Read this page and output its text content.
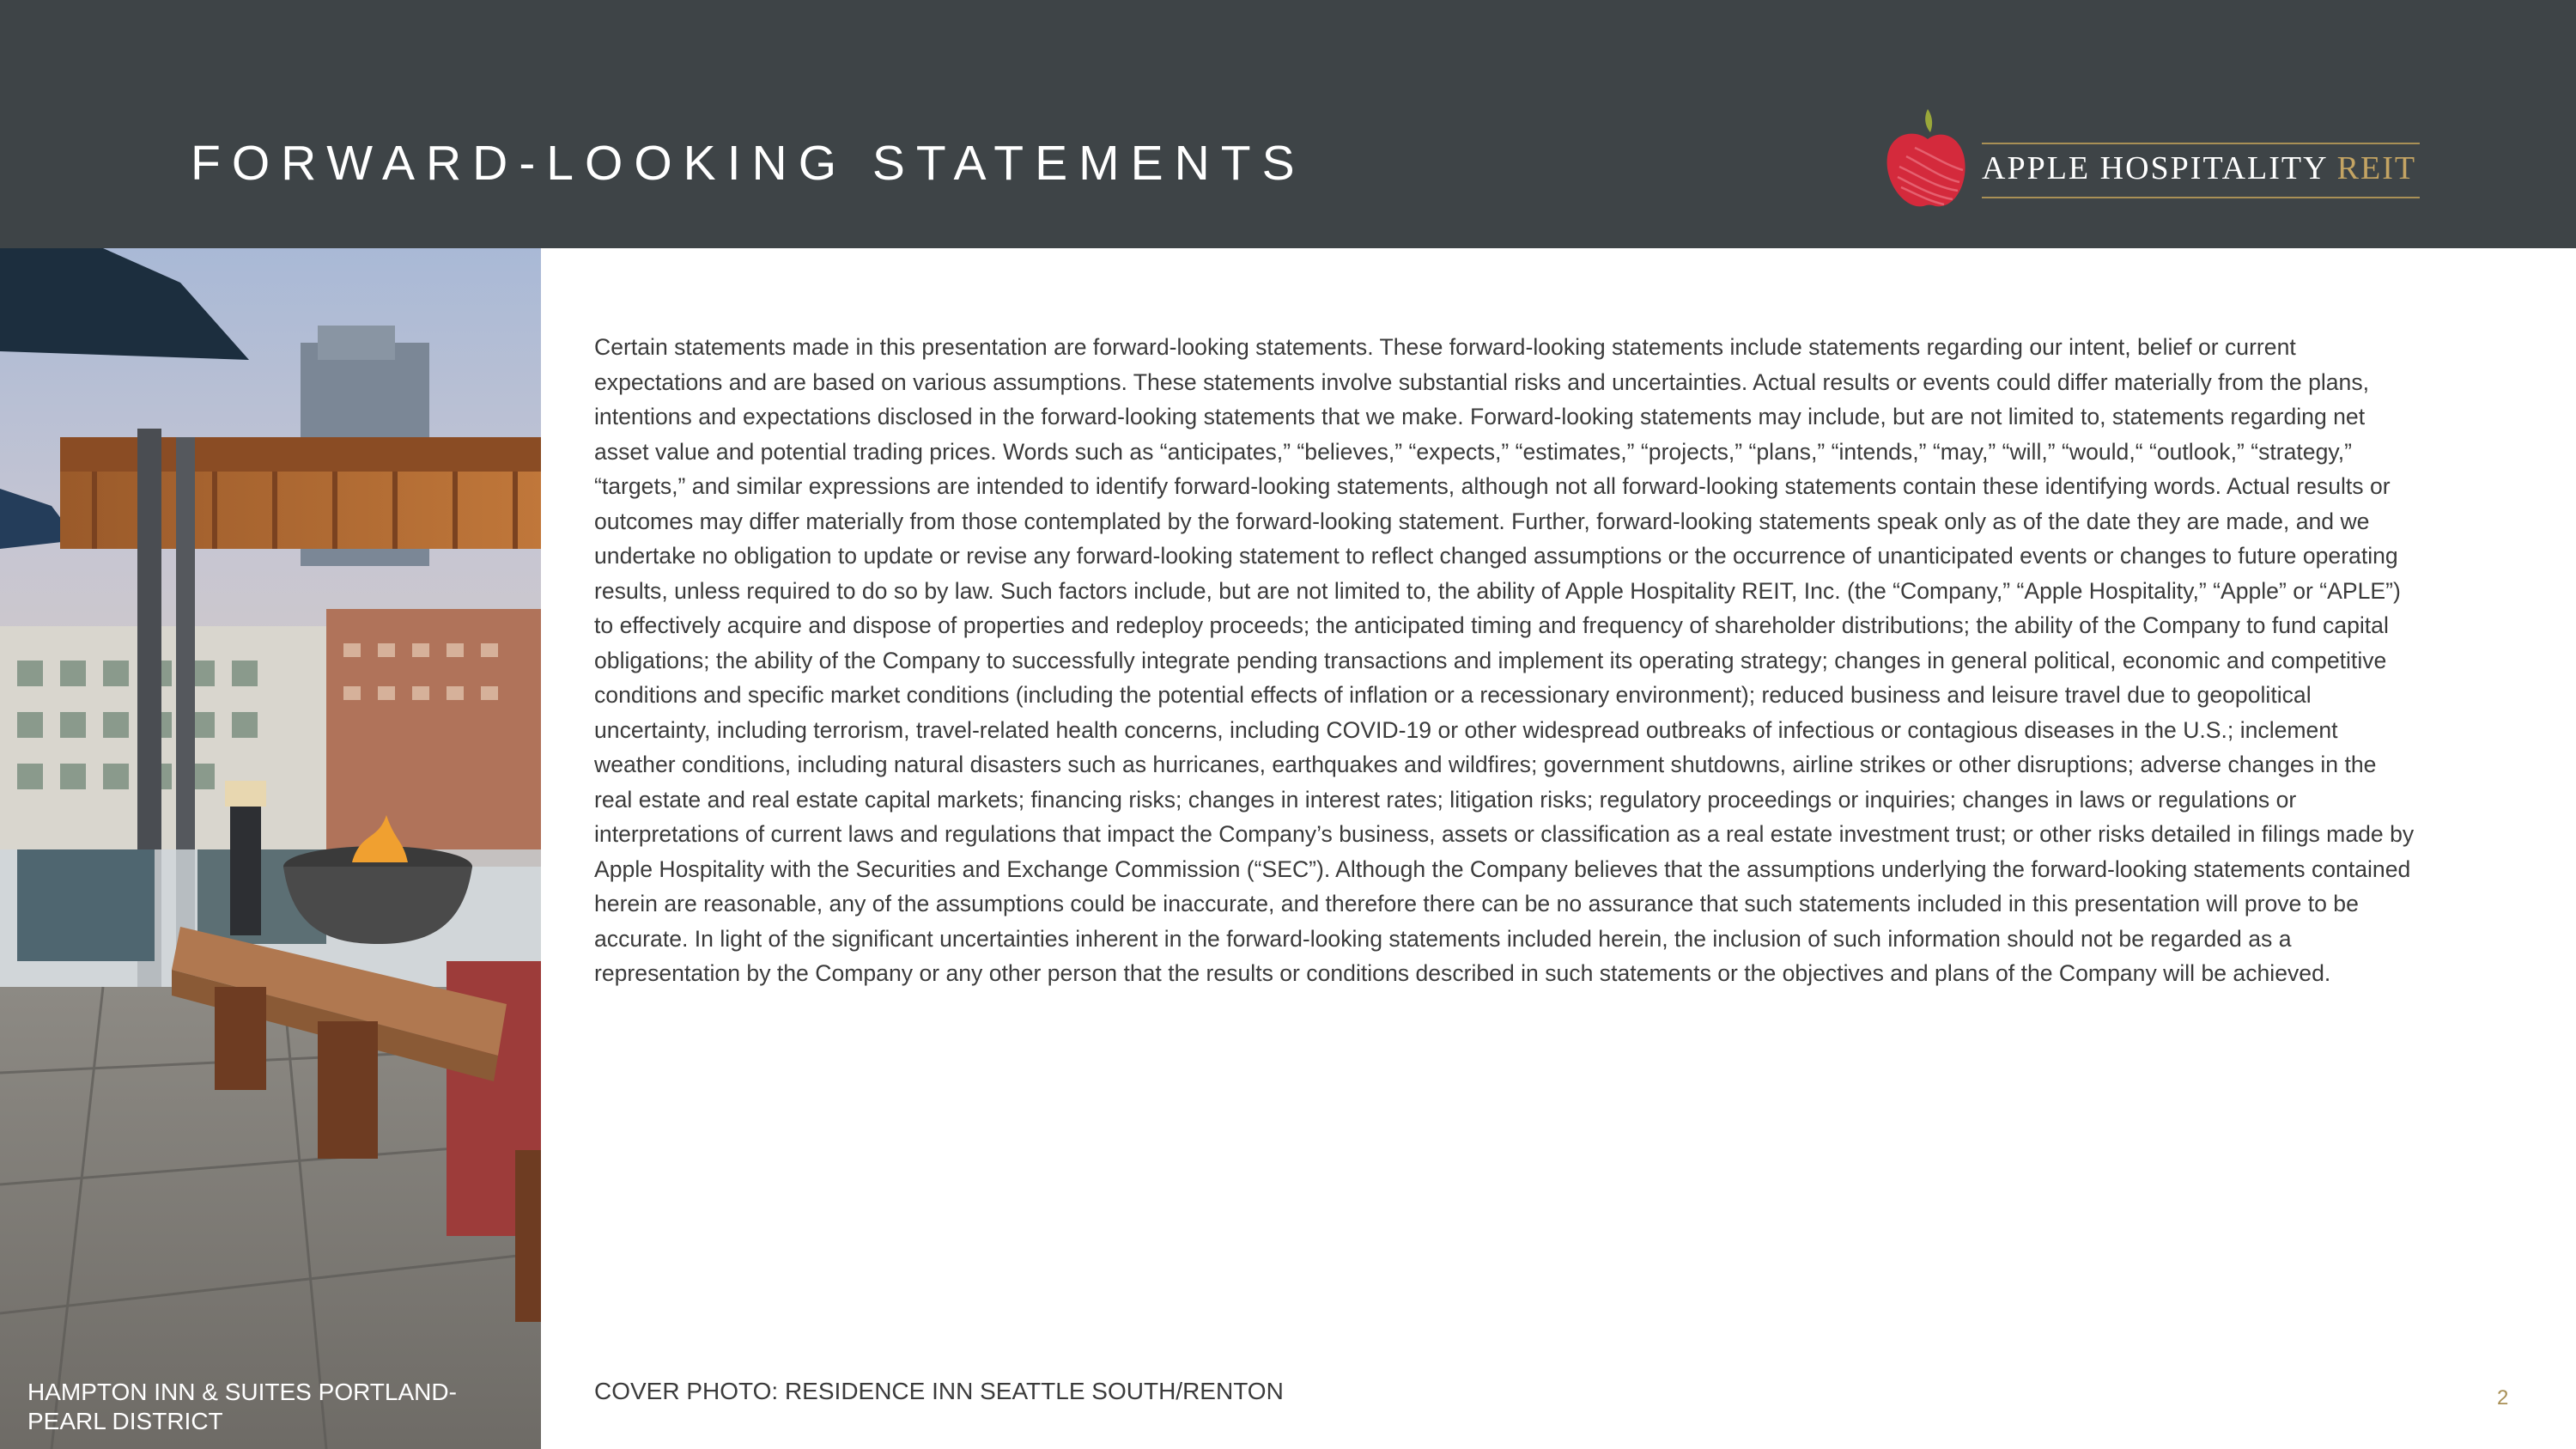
FORWARD-LOOKING STATEMENTS	APPLE HOSPITALITY REIT
HAMPTON INN & SUITES PORTLAND-PEARL DISTRICT
Certain statements made in this presentation are forward-looking statements. These forward-looking statements include statements regarding our intent, belief or current expectations and are based on various assumptions. These statements involve substantial risks and uncertainties. Actual results or events could differ materially from the plans, intentions and expectations disclosed in the forward-looking statements that we make. Forward-looking statements may include, but are not limited to, statements regarding net asset value and potential trading prices. Words such as “anticipates,” “believes,” “expects,” “estimates,” “projects,” “plans,” “intends,” “may,” “will,” “would,“ “outlook,” “strategy,” “targets,” and similar expressions are intended to identify forward-looking statements, although not all forward-looking statements contain these identifying words. Actual results or outcomes may differ materially from those contemplated by the forward-looking statement. Further, forward-looking statements speak only as of the date they are made, and we undertake no obligation to update or revise any forward-looking statement to reflect changed assumptions or the occurrence of unanticipated events or changes to future operating results, unless required to do so by law. Such factors include, but are not limited to, the ability of Apple Hospitality REIT, Inc. (the “Company,” “Apple Hospitality,” “Apple” or “APLE”) to effectively acquire and dispose of properties and redeploy proceeds; the anticipated timing and frequency of shareholder distributions; the ability of the Company to fund capital obligations; the ability of the Company to successfully integrate pending transactions and implement its operating strategy; changes in general political, economic and competitive conditions and specific market conditions (including the potential effects of inflation or a recessionary environment); reduced business and leisure travel due to geopolitical uncertainty, including terrorism, travel-related health concerns, including COVID-19 or other widespread outbreaks of infectious or contagious diseases in the U.S.; inclement weather conditions, including natural disasters such as hurricanes, earthquakes and wildfires; government shutdowns, airline strikes or other disruptions; adverse changes in the real estate and real estate capital markets; financing risks; changes in interest rates; litigation risks; regulatory proceedings or inquiries; changes in laws or regulations or interpretations of current laws and regulations that impact the Company’s business, assets or classification as a real estate investment trust; or other risks detailed in filings made by Apple Hospitality with the Securities and Exchange Commission (“SEC”). Although the Company believes that the assumptions underlying the forward-looking statements contained herein are reasonable, any of the assumptions could be inaccurate, and therefore there can be no assurance that such statements included in this presentation will prove to be accurate. In light of the significant uncertainties inherent in the forward-looking statements included herein, the inclusion of such information should not be regarded as a representation by the Company or any other person that the results or conditions described in such statements or the objectives and plans of the Company will be achieved.
COVER PHOTO: RESIDENCE INN SEATTLE SOUTH/RENTON	2
